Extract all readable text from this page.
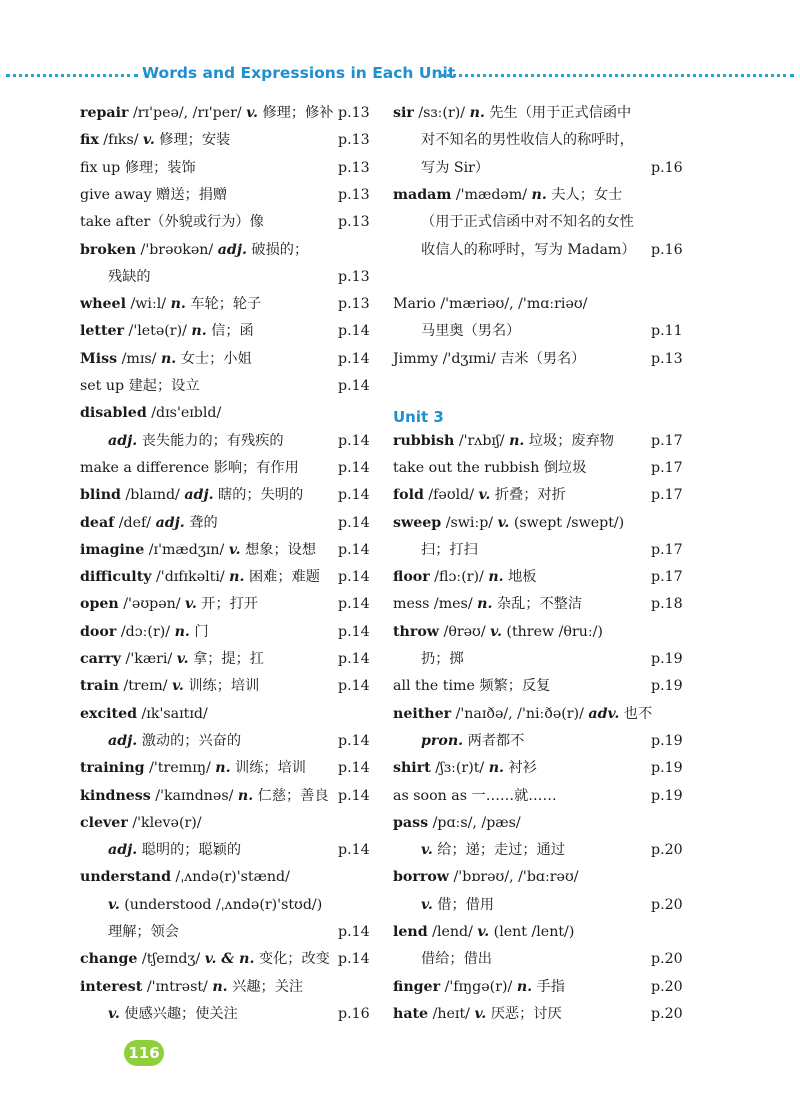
Words and Expressions in Each Unit
repair /rɪ'peə/, /rɪ'per/ v. 修理；修补 p.13
fix /fɪks/ v. 修理；安装	p.13
fix up 修理；装饰	p.13
give away 赠送；捐赠	p.13
take after（外貌或行为）像	p.13
broken /'brəʊkən/ adj. 破损的；
残缺的	p.13
wheel /wiːl/ n. 车轮；轮子	p.13
letter /'letə(r)/ n. 信；函	p.14
Miss /mɪs/ n. 女士；小姐	p.14
set up 建起；设立	p.14
disabled /dɪs'eɪbld/
adj. 丧失能力的；有残疾的	p.14
make a difference 影响；有作用	p.14
blind /blaɪnd/ adj. 瞎的；失明的 p.14
deaf /def/ adj. 聋的	p.14
imagine /ɪ'mædʒɪn/ v. 想象；设想 p.14
difficulty /'dɪfɪkəlti/ n. 困难；难题 p.14
open /'əʊpən/ v. 开；打开	p.14
door /dɔː(r)/ n. 门	p.14
carry /'kæri/ v. 拿；提；扛	p.14
train /treɪn/ v. 训练；培训	p.14
excited /ɪk'saɪtɪd/
adj. 激动的；兴奋的	p.14
training /'treɪnɪŋ/ n. 训练；培训 p.14
kindness /'kaɪndnəs/ n. 仁慈；善良 p.14
clever /'klevə(r)/
adj. 聪明的；聪颖的	p.14
understand /ˌʌndə(r)'stænd/
v. (understood /ˌʌndə(r)'stʊd/)
理解；领会	p.14
change /tʃeɪndʒ/ v. & n. 变化；改变 p.14
interest /'ɪntrəst/ n. 兴趣；关注
v. 使感兴趣；使关注	p.16
sir /sɜː(r)/ n. 先生（用于正式信函中
对不知名的男性收信人的称呼时，
写为 Sir）	p.16
madam /'mædəm/ n. 夫人；女士
（用于正式信函中对不知名的女性
收信人的称呼时，写为 Madam） p.16
Mario /'mæriəʊ/, /'mɑːriəʊ/
马里奥（男名）	p.11
Jimmy /'dʒɪmi/ 吉米（男名）	p.13
Unit 3
rubbish /'rʌbɪʃ/ n. 垃圾；废弃物	p.17
take out the rubbish 倒垃圾	p.17
fold /fəʊld/ v. 折叠；对折	p.17
sweep /swiːp/ v. (swept /swept/)
扫；打扫	p.17
floor /flɔː(r)/ n. 地板	p.17
mess /mes/ n. 杂乱；不整洁	p.18
throw /θrəʊ/ v. (threw /θruː/)
扔；掷	p.19
all the time 频繁；反复	p.19
neither /'naɪðə/, /'niːðə(r)/ adv. 也不
pron. 两者都不	p.19
shirt /ʃɜː(r)t/ n. 衬衫	p.19
as soon as 一……就……	p.19
pass /pɑːs/, /pæs/
v. 给；递；走过；通过	p.20
borrow /'bɒrəʊ/, /'bɑːrəʊ/
v. 借；借用	p.20
lend /lend/ v. (lent /lent/)
借给；借出	p.20
finger /'fɪŋgə(r)/ n. 手指	p.20
hate /heɪt/ v. 厌恶；讨厌	p.20
116
